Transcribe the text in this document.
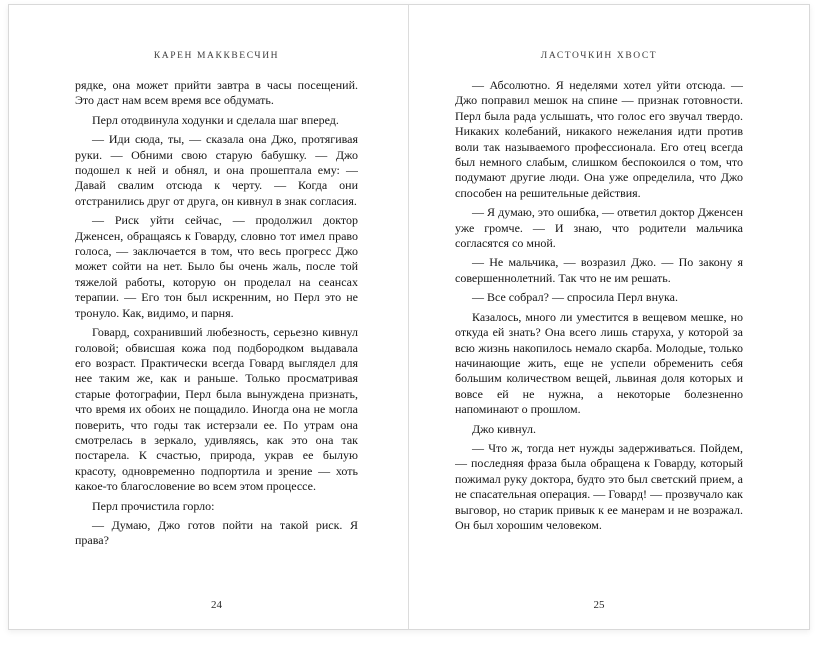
КАРЕН МАККВЕСЧИН

рядке, она может прийти завтра в часы посещений. Это даст нам всем время все обдумать.

Перл отодвинула ходунки и сделала шаг вперед.

— Иди сюда, ты, — сказала она Джо, протягивая руки. — Обними свою старую бабушку. — Джо подошел к ней и обнял, и она прошептала ему: — Давай свалим отсюда к черту. — Когда они отстранились друг от друга, он кивнул в знак согласия.

— Риск уйти сейчас, — продолжил доктор Дженсен, обращаясь к Говарду, словно тот имел право голоса, — заключается в том, что весь прогресс Джо может сойти на нет. Было бы очень жаль, после той тяжелой работы, которую он проделал на сеансах терапии. — Его тон был искренним, но Перл это не тронуло. Как, видимо, и парня.

Говард, сохранивший любезность, серьезно кивнул головой; обвисшая кожа под подбородком выдавала его возраст. Практически всегда Говард выглядел для нее таким же, как и раньше. Только просматривая старые фотографии, Перл была вынуждена признать, что время их обоих не пощадило. Иногда она не могла поверить, что годы так истерзали ее. По утрам она смотрелась в зеркало, удивляясь, как это она так постарела. К счастью, природа, украв ее былую красоту, одновременно подпортила и зрение — хоть какое-то благословение во всем этом процессе.

Перл прочистила горло:

— Думаю, Джо готов пойти на такой риск. Я права?

24
ЛАСТОЧКИН ХВОСТ

— Абсолютно. Я неделями хотел уйти отсюда. — Джо поправил мешок на спине — признак готовности. Перл была рада услышать, что голос его звучал твердо. Никаких колебаний, никакого нежелания идти против воли так называемого профессионала. Его отец всегда был немного слабым, слишком беспокоился о том, что подумают другие люди. Она уже определила, что Джо способен на решительные действия.

— Я думаю, это ошибка, — ответил доктор Дженсен уже громче. — И знаю, что родители мальчика согласятся со мной.

— Не мальчика, — возразил Джо. — По закону я совершеннолетний. Так что не им решать.

— Все собрал? — спросила Перл внука.

Казалось, много ли уместится в вещевом мешке, но откуда ей знать? Она всего лишь старуха, у которой за всю жизнь накопилось немало скарба. Молодые, только начинающие жить, еще не успели обременить себя большим количеством вещей, львиная доля которых и вовсе ей не нужна, а некоторые болезненно напоминают о прошлом.

Джо кивнул.

— Что ж, тогда нет нужды задерживаться. Пойдем, — последняя фраза была обращена к Говарду, который пожимал руку доктора, будто это был светский прием, а не спасательная операция. — Говард! — прозвучало как выговор, но старик привык к ее манерам и не возражал. Он был хорошим человеком.

25
